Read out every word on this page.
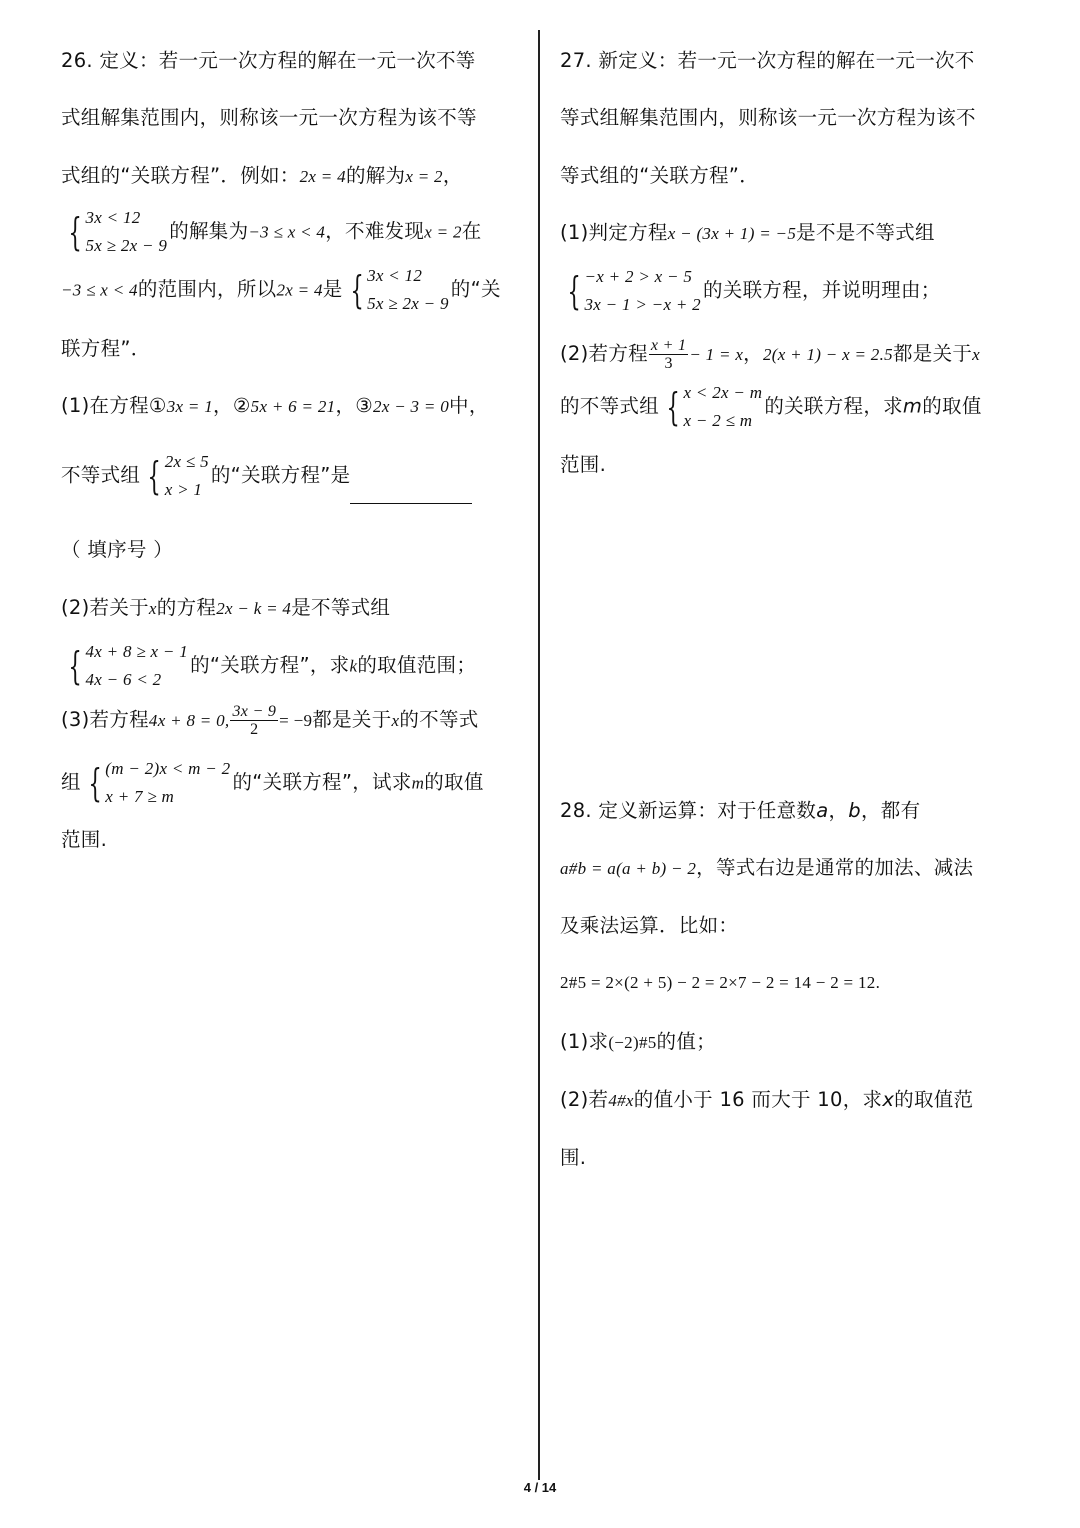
26. 定义：若一元一次方程的解在一元一次不等
式组解集范围内，则称该一元一次方程为该不等
式组的“关联方程”．例如：2x = 4的解为x = 2，
{ 3x < 12
5x ≥ 2x − 9
的解集为−3 ≤ x < 4，不难发现x = 2在
−3 ≤ x < 4的范围内，所以2x = 4是 { 3x < 12
5x ≥ 2x − 9
的“关
联方程”．
(1)在方程①3x = 1，②5x + 6 = 21，③2x − 3 = 0中，
不等式组 { 2x ≤ 5
x > 1
的“关联方程”是
（ 填序号 ）
(2)若关于x的方程2x − k = 4是不等式组
{ 4x + 8 ≥ x − 1
4x − 6 < 2
的“关联方程”，求k的取值范围；
(3)若方程4x + 8 = 0, $\frac{3x - 9}{2} = -9$都是关于x的不等式
组 { (m − 2)x < m − 2
x + 7 ≥ m
的“关联方程”，试求m的取值
范围.
27. 新定义：若一元一次方程的解在一元一次不
等式组解集范围内，则称该一元一次方程为该不
等式组的“关联方程”．
(1)判定方程x − (3x + 1) = −5是不是不等式组
{ −x + 2 > x − 5
3x − 1 > −x + 2
的关联方程，并说明理由；
(2)若方程 $\frac{x + 1}{3} - 1 = x$，2(x + 1) − x = 2.5都是关于x
的不等式组 { x < 2x − m
x − 2 ≤ m
的关联方程，求m的取值
范围.
28. 定义新运算：对于任意数a，b，都有
a#b = a(a + b) − 2，等式右边是通常的加法、减法
及乘法运算．比如：
2#5 = 2×(2 + 5) − 2 = 2×7 − 2 = 14 − 2 = 12.
(1)求(−2)#5的值；
(2)若4#x的值小于 16 而大于 10，求x的取值范
围.
4 / 14
